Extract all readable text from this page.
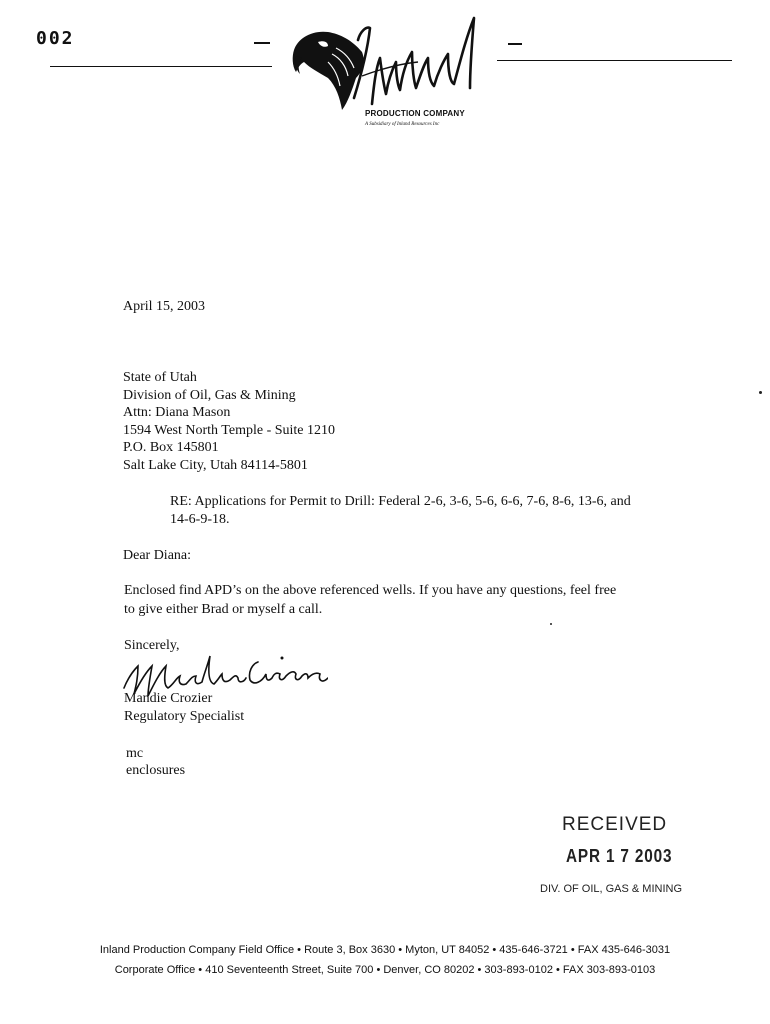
002
PRODUCTION COMPANY
A Subsidiary of Inland Resources Inc
April 15, 2003
State of Utah
Division of Oil, Gas & Mining
Attn: Diana Mason
1594 West North Temple - Suite 1210
P.O. Box 145801
Salt Lake City, Utah 84114-5801
RE: Applications for Permit to Drill: Federal 2-6, 3-6, 5-6, 6-6, 7-6, 8-6, 13-6, and
14-6-9-18.
Dear Diana:
Enclosed find APD’s on the above referenced wells. If you have any questions, feel free
to give either Brad or myself a call.
Sincerely,
Mandie Crozier
Regulatory Specialist
mc
enclosures
RECEIVED
APR 1 7 2003
DIV. OF OIL, GAS & MINING
Inland Production Company Field Office • Route 3, Box 3630 • Myton, UT 84052 • 435-646-3721 • FAX 435-646-3031
Corporate Office • 410 Seventeenth Street, Suite 700 • Denver, CO 80202 • 303-893-0102 • FAX 303-893-0103
